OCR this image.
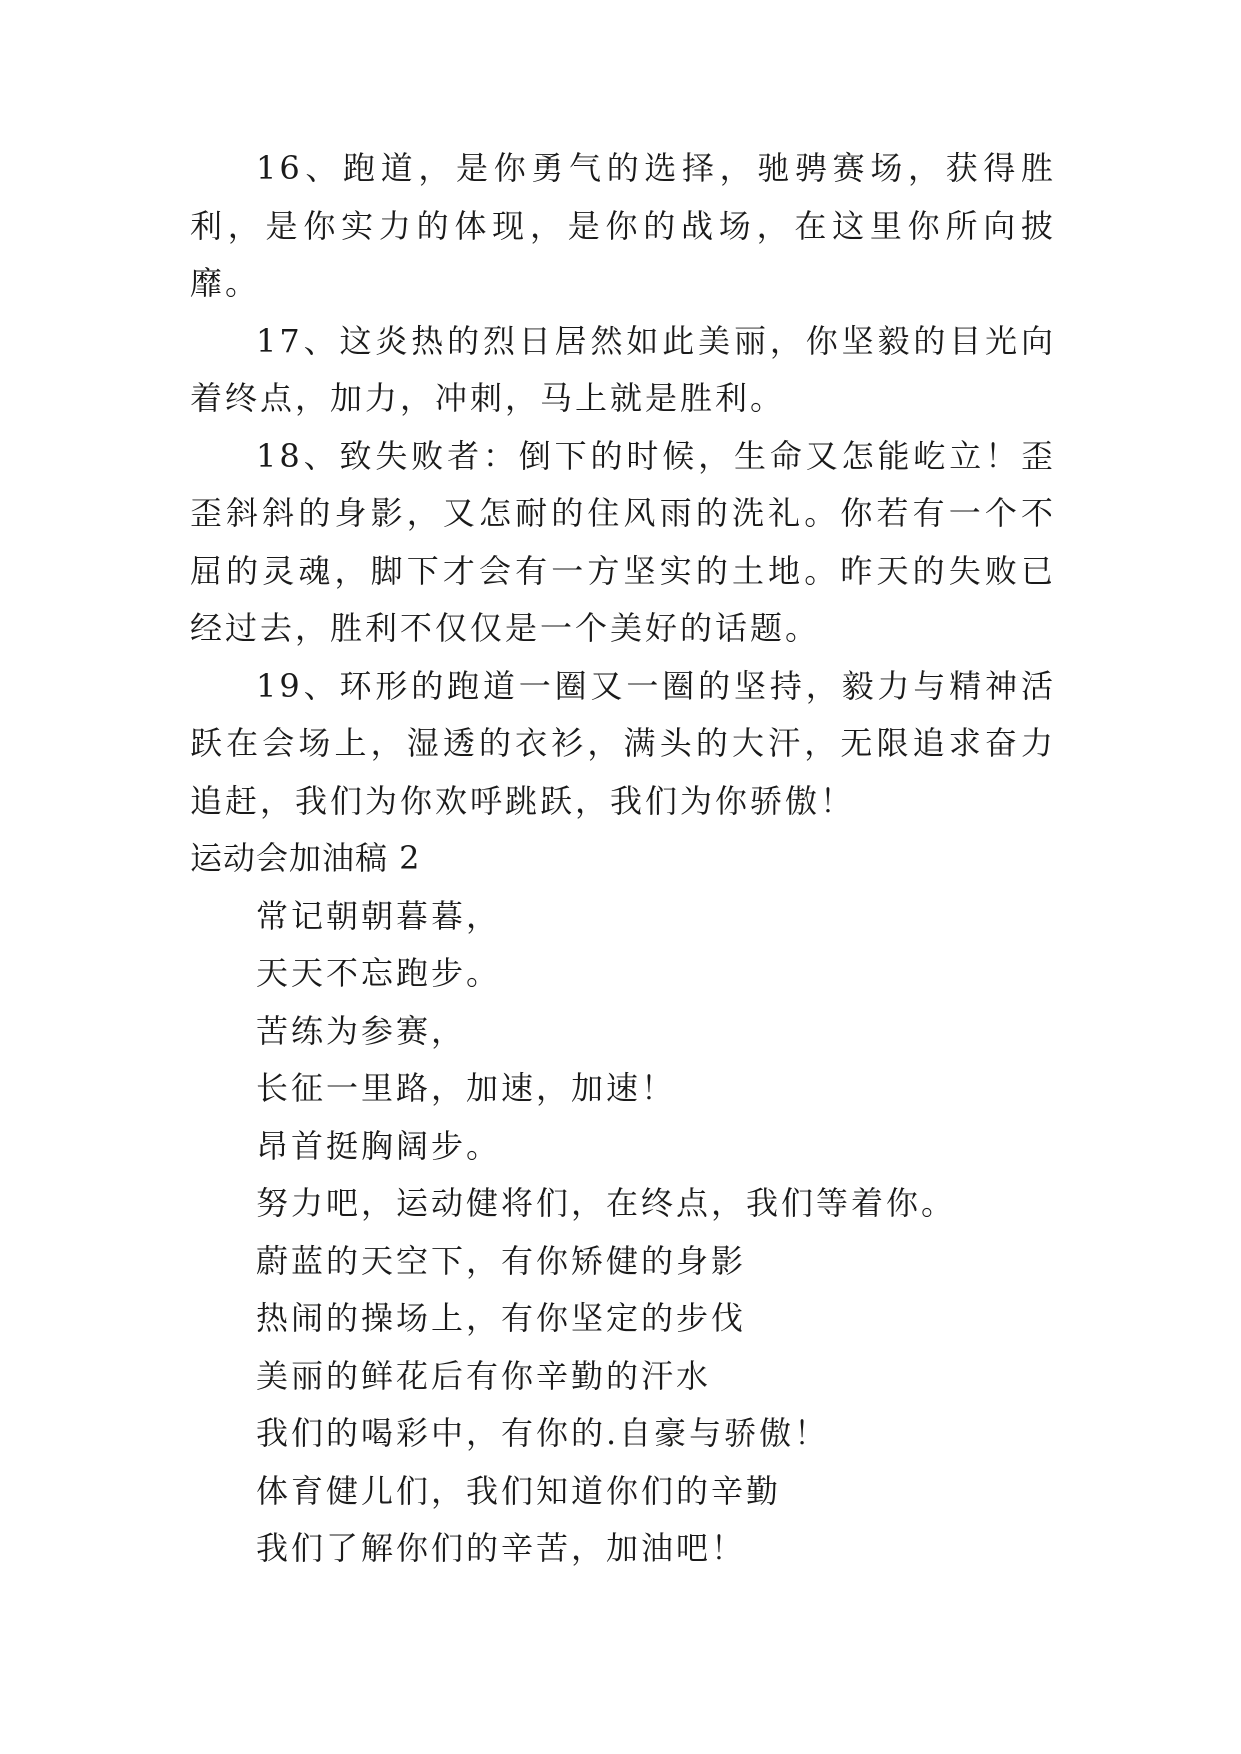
16、跑道，是你勇气的选择，驰骋赛场，获得胜利，是你实力的体现，是你的战场，在这里你所向披靡。

17、这炎热的烈日居然如此美丽，你坚毅的目光向着终点，加力，冲刺，马上就是胜利。

18、致失败者：倒下的时候，生命又怎能屹立！歪歪斜斜的身影，又怎耐的住风雨的洗礼。你若有一个不屈的灵魂，脚下才会有一方坚实的土地。昨天的失败已经过去，胜利不仅仅是一个美好的话题。

19、环形的跑道一圈又一圈的坚持，毅力与精神活跃在会场上，湿透的衣衫，满头的大汗，无限追求奋力追赶，我们为你欢呼跳跃，我们为你骄傲！

运动会加油稿 2

常记朝朝暮暮，

天天不忘跑步。

苦练为参赛，

长征一里路，加速，加速！

昂首挺胸阔步。

努力吧，运动健将们，在终点，我们等着你。

蔚蓝的天空下，有你矫健的身影

热闹的操场上，有你坚定的步伐

美丽的鲜花后有你辛勤的汗水

我们的喝彩中，有你的.自豪与骄傲！

体育健儿们，我们知道你们的辛勤

我们了解你们的辛苦，加油吧！
